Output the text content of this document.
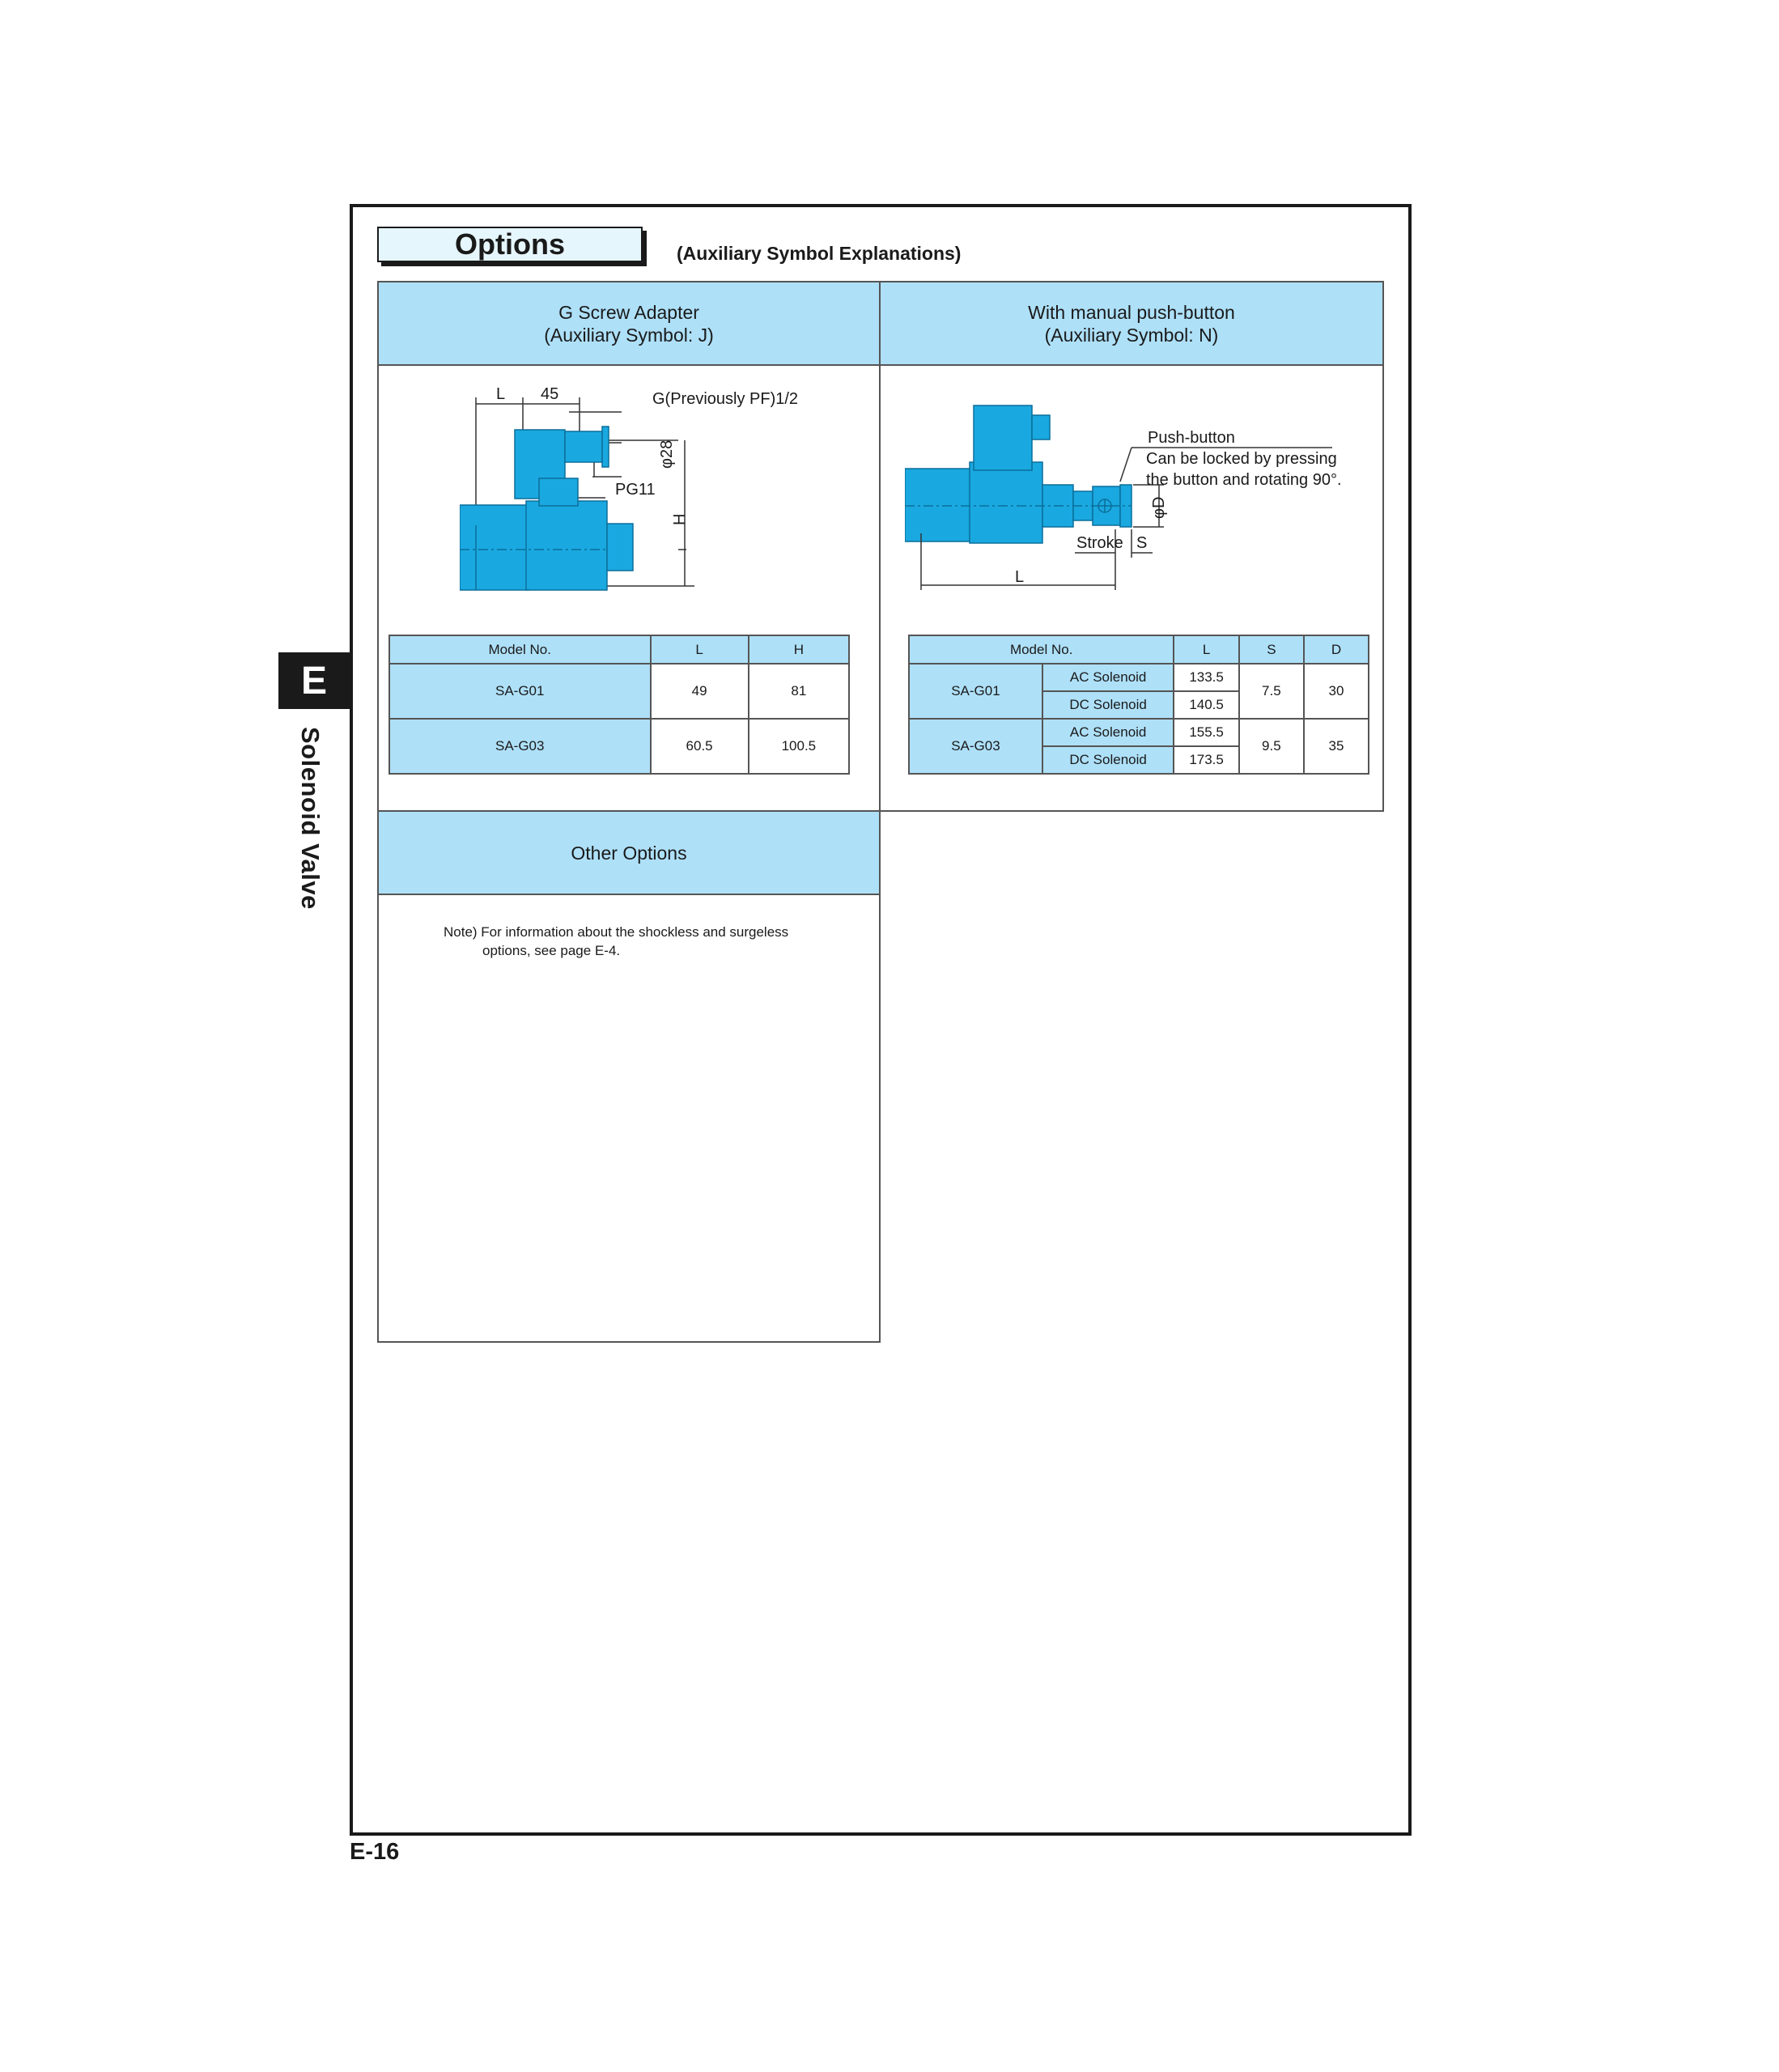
Options	(Auxiliary Symbol Explanations)
E
Solenoid Valve
E-16
G Screw Adapter
(Auxiliary Symbol: J)
L 45	G(Previously PF)1/2
φ28
PG11
H
Model No.	L	H
SA-G01	49	81
SA-G03	60.5	100.5
With manual push-button
(Auxiliary Symbol: N)
Push-button
Can be locked by pressing
the button and rotating 90°.
φD
Stroke S
L
Model No.		L	S	D
SA-G01	AC Solenoid	133.5	7.5	30
	DC Solenoid	140.5		
SA-G03	AC Solenoid	155.5	9.5	35
	DC Solenoid	173.5		
Other Options
Note) For information about the shockless and surgeless
options, see page E-4.
